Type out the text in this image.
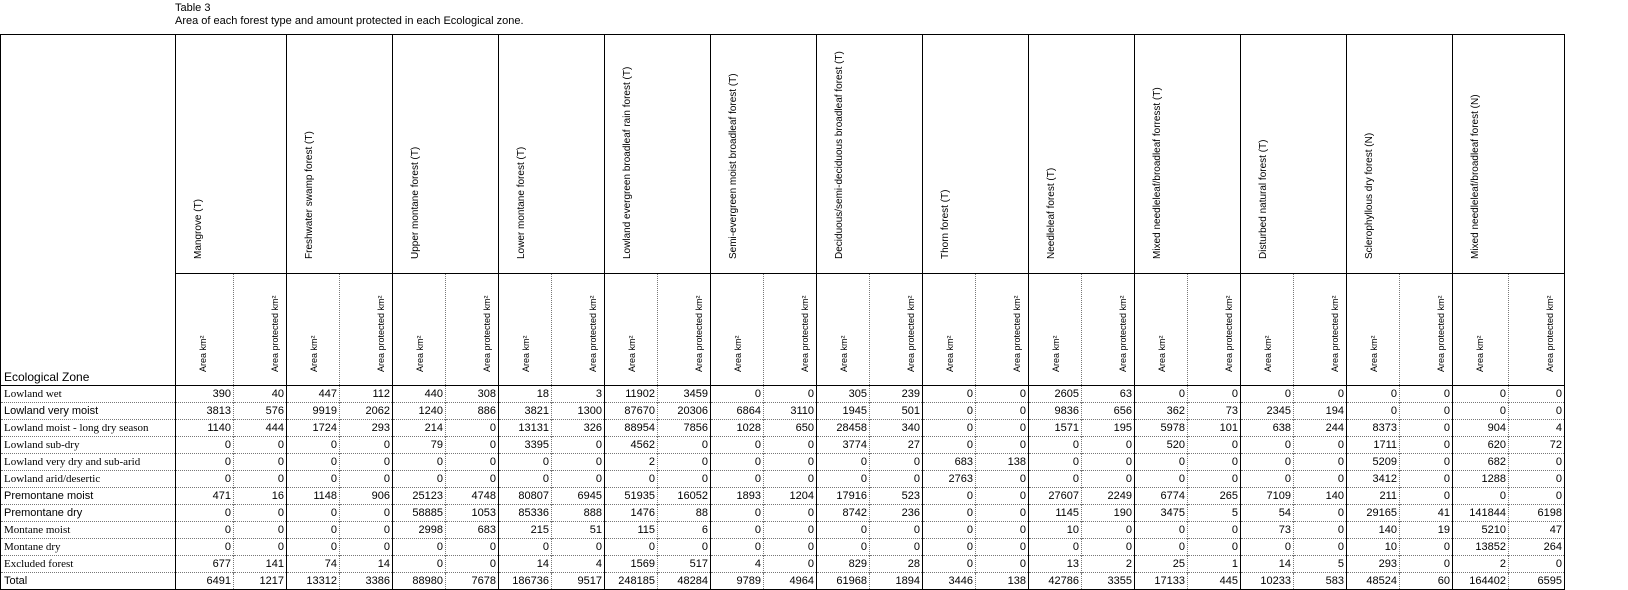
Table 3
Area of each forest type and amount protected in each Ecological zone.
Ecological Zone	Mangrove (T)		Freshwater swamp forest (T)		Upper montane forest (T)		Lower montane forest (T)		Lowland evergreen broadleaf rain forest (T)		Semi-evergreen moist broadleaf forest (T)		Deciduous/semi-deciduous broadleaf forest (T)		Thorn forest (T)		Needleleaf forest (T)		Mixed needleleaf/broadleaf forresst (T)		Disturbed natural forest (T)		Sclerophyllous dry forest (N)		Mixed needleleaf/broadleaf forest (N)	

	Area km²	Area protected km²	Area km²	Area protected km²	Area km²	Area protected km²	Area km²	Area protected km²	Area km²	Area protected km²	Area km²	Area protected km²	Area km²	Area protected km²	Area km²	Area protected km²	Area km²	Area protected km²	Area km²	Area protected km²	Area km²	Area protected km²	Area km²	Area protected km²	Area km²	Area protected km²

Lowland wet	390	40	447	112	440	308	18	3	11902	3459	0	0	305	239	0	0	2605	63	0	0	0	0	0	0	0	0
Lowland very moist	3813	576	9919	2062	1240	886	3821	1300	87670	20306	6864	3110	1945	501	0	0	9836	656	362	73	2345	194	0	0	0	0
Lowland moist - long dry season	1140	444	1724	293	214	0	13131	326	88954	7856	1028	650	28458	340	0	0	1571	195	5978	101	638	244	8373	0	904	4
Lowland sub-dry	0	0	0	0	79	0	3395	0	4562	0	0	0	3774	27	0	0	0	0	520	0	0	0	1711	0	620	72
Lowland very dry and sub-arid	0	0	0	0	0	0	0	0	2	0	0	0	0	0	683	138	0	0	0	0	0	0	5209	0	682	0
Lowland arid/desertic	0	0	0	0	0	0	0	0	0	0	0	0	0	0	2763	0	0	0	0	0	0	0	3412	0	1288	0
Premontane moist	471	16	1148	906	25123	4748	80807	6945	51935	16052	1893	1204	17916	523	0	0	27607	2249	6774	265	7109	140	211	0	0	0
Premontane dry	0	0	0	0	58885	1053	85336	888	1476	88	0	0	8742	236	0	0	1145	190	3475	5	54	0	29165	41	141844	6198
Montane moist	0	0	0	0	2998	683	215	51	115	6	0	0	0	0	0	0	10	0	0	0	73	0	140	19	5210	47
Montane dry	0	0	0	0	0	0	0	0	0	0	0	0	0	0	0	0	0	0	0	0	0	0	10	0	13852	264
Excluded forest	677	141	74	14	0	0	14	4	1569	517	4	0	829	28	0	0	13	2	25	1	14	5	293	0	2	0
Total	6491	1217	13312	3386	88980	7678	186736	9517	248185	48284	9789	4964	61968	1894	3446	138	42786	3355	17133	445	10233	583	48524	60	164402	6595
